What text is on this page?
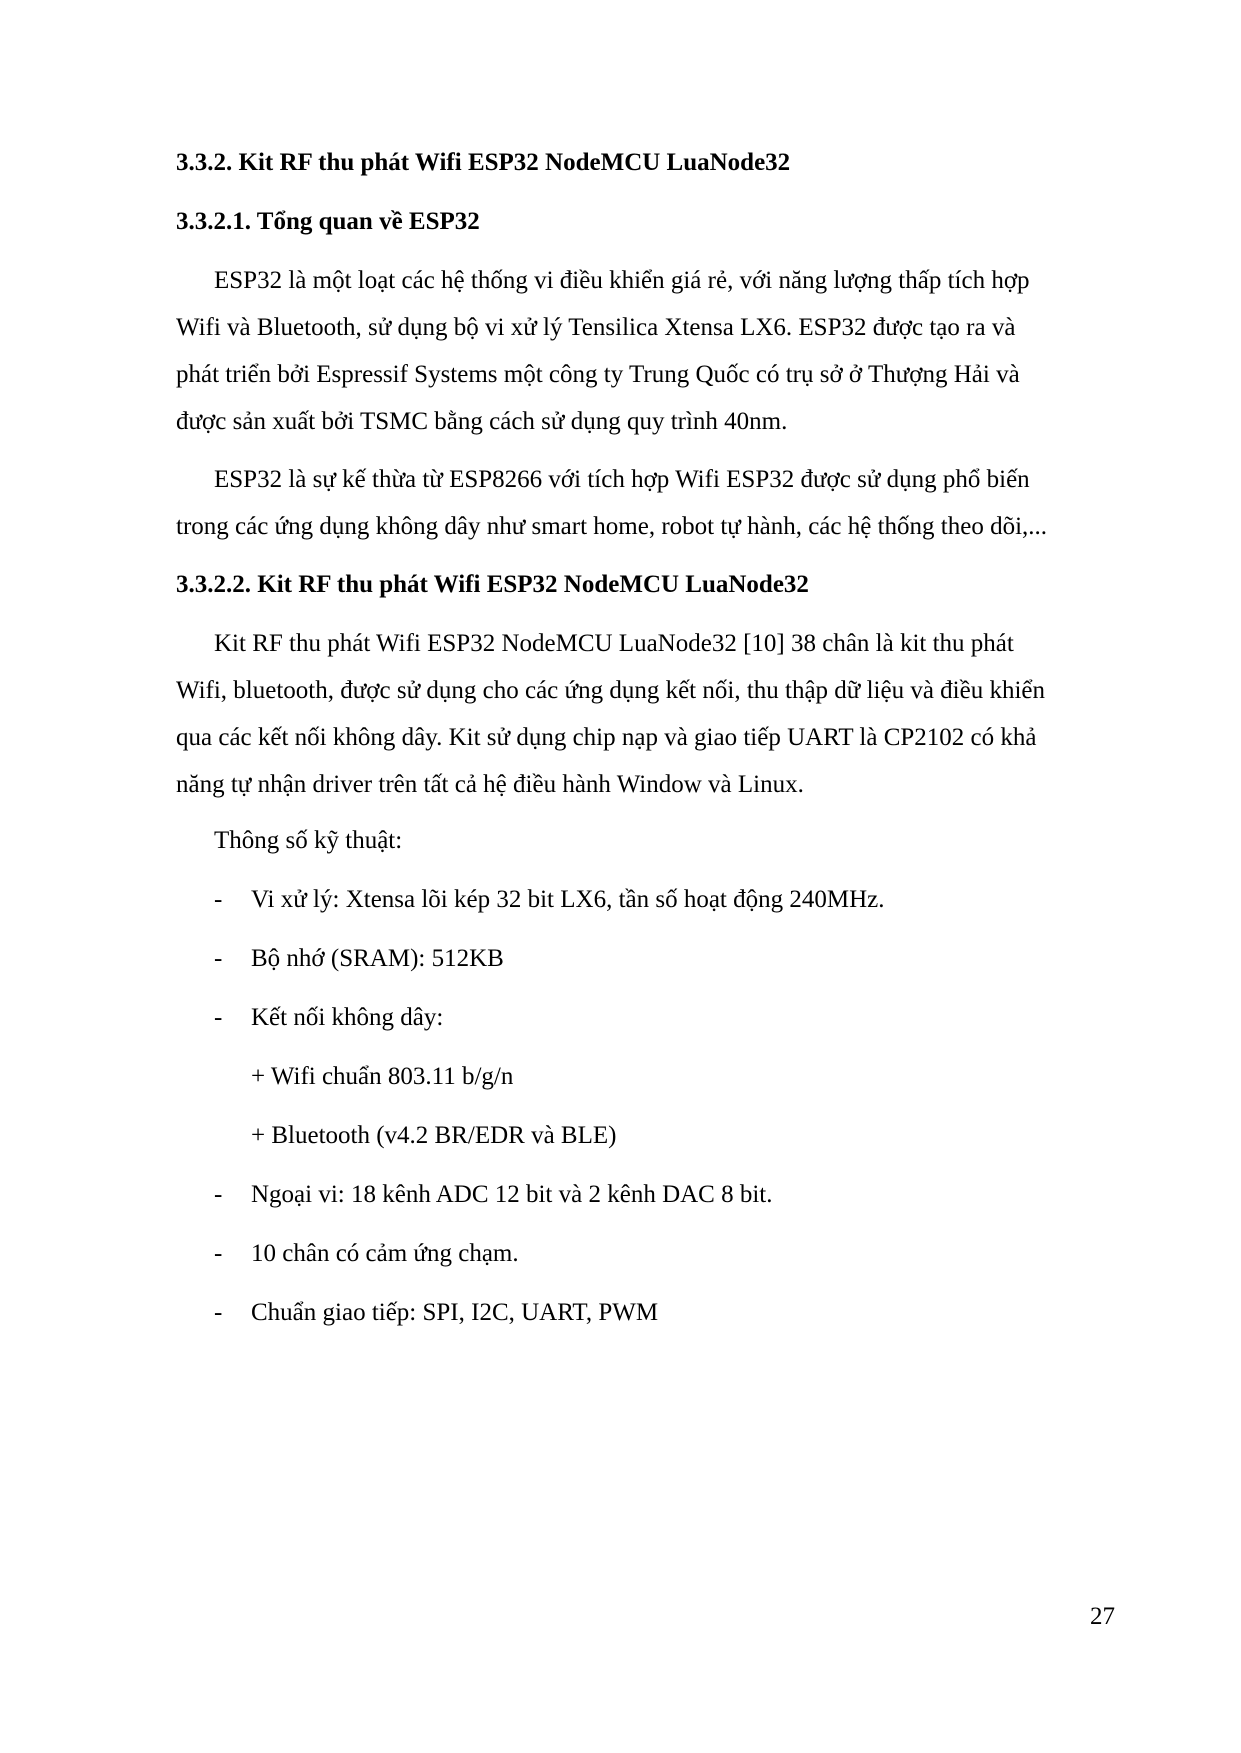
3.3.2. Kit RF thu phát Wifi ESP32 NodeMCU LuaNode32
3.3.2.1. Tổng quan về ESP32
ESP32 là một loạt các hệ thống vi điều khiển giá rẻ, với năng lượng thấp tích hợp
Wifi và Bluetooth, sử dụng bộ vi xử lý Tensilica Xtensa LX6. ESP32 được tạo ra và
phát triển bởi Espressif Systems một công ty Trung Quốc có trụ sở ở Thượng Hải và
được sản xuất bởi TSMC bằng cách sử dụng quy trình 40nm.
ESP32 là sự kế thừa từ ESP8266 với tích hợp Wifi ESP32 được sử dụng phổ biến
trong các ứng dụng không dây như smart home, robot tự hành, các hệ thống theo dõi,...
3.3.2.2. Kit RF thu phát Wifi ESP32 NodeMCU LuaNode32
Kit RF thu phát Wifi ESP32 NodeMCU LuaNode32 [10] 38 chân là kit thu phát
Wifi, bluetooth, được sử dụng cho các ứng dụng kết nối, thu thập dữ liệu và điều khiển
qua các kết nối không dây. Kit sử dụng chip nạp và giao tiếp UART là CP2102 có khả
năng tự nhận driver trên tất cả hệ điều hành Window và Linux.
Thông số kỹ thuật:
- Vi xử lý: Xtensa lõi kép 32 bit LX6, tần số hoạt động 240MHz.
- Bộ nhớ (SRAM): 512KB
- Kết nối không dây:
+ Wifi chuẩn 803.11 b/g/n
+ Bluetooth (v4.2 BR/EDR và BLE)
- Ngoại vi: 18 kênh ADC 12 bit và 2 kênh DAC 8 bit.
- 10 chân có cảm ứng chạm.
- Chuẩn giao tiếp: SPI, I2C, UART, PWM
27
